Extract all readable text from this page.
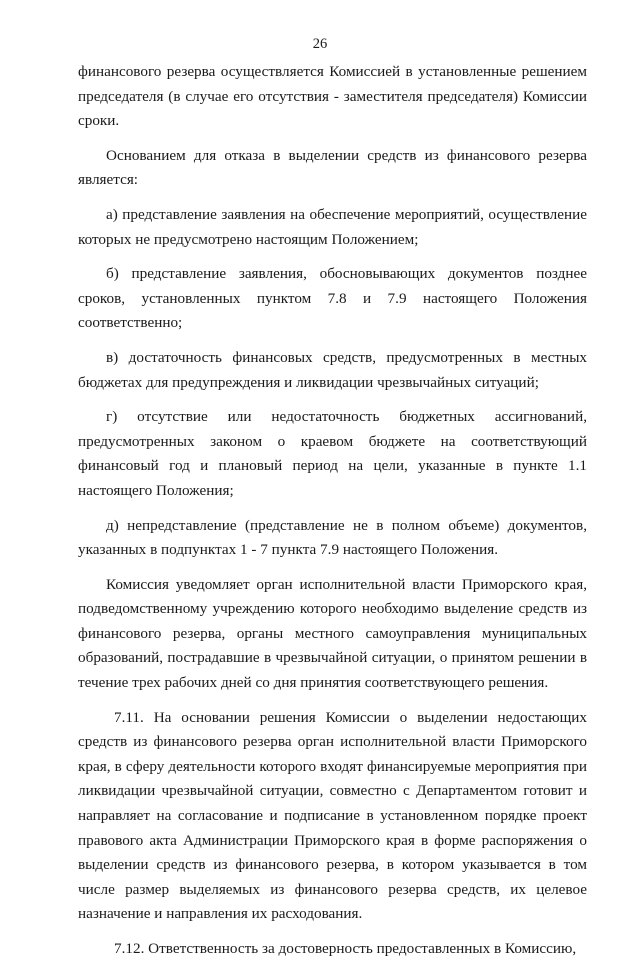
26

финансового резерва осуществляется Комиссией в установленные решением председателя (в случае его отсутствия - заместителя председателя) Комиссии сроки.

Основанием для отказа в выделении средств из финансового резерва является:

а) представление заявления на обеспечение мероприятий, осуществление которых не предусмотрено настоящим Положением;

б) представление заявления, обосновывающих документов позднее сроков, установленных пунктом 7.8 и 7.9 настоящего Положения соответственно;

в) достаточность финансовых средств, предусмотренных в местных бюджетах для предупреждения и ликвидации чрезвычайных ситуаций;

г) отсутствие или недостаточность бюджетных ассигнований, предусмотренных законом о краевом бюджете на соответствующий финансовый год и плановый период на цели, указанные в пункте 1.1 настоящего Положения;

д) непредставление (представление не в полном объеме) документов, указанных в подпунктах 1 - 7 пункта 7.9 настоящего Положения.

Комиссия уведомляет орган исполнительной власти Приморского края, подведомственному учреждению которого необходимо выделение средств из финансового резерва, органы местного самоуправления муниципальных образований, пострадавшие в чрезвычайной ситуации, о принятом решении в течение трех рабочих дней со дня принятия соответствующего решения.

7.11. На основании решения Комиссии о выделении недостающих средств из финансового резерва орган исполнительной власти Приморского края, в сферу деятельности которого входят финансируемые мероприятия при ликвидации чрезвычайной ситуации, совместно с Департаментом готовит и направляет на согласование и подписание в установленном порядке проект правового акта Администрации Приморского края в форме распоряжения о выделении средств из финансового резерва, в котором указывается в том числе размер выделяемых из финансового резерва средств, их целевое назначение и направления их расходования.

7.12. Ответственность за достоверность предоставленных в Комиссию,
